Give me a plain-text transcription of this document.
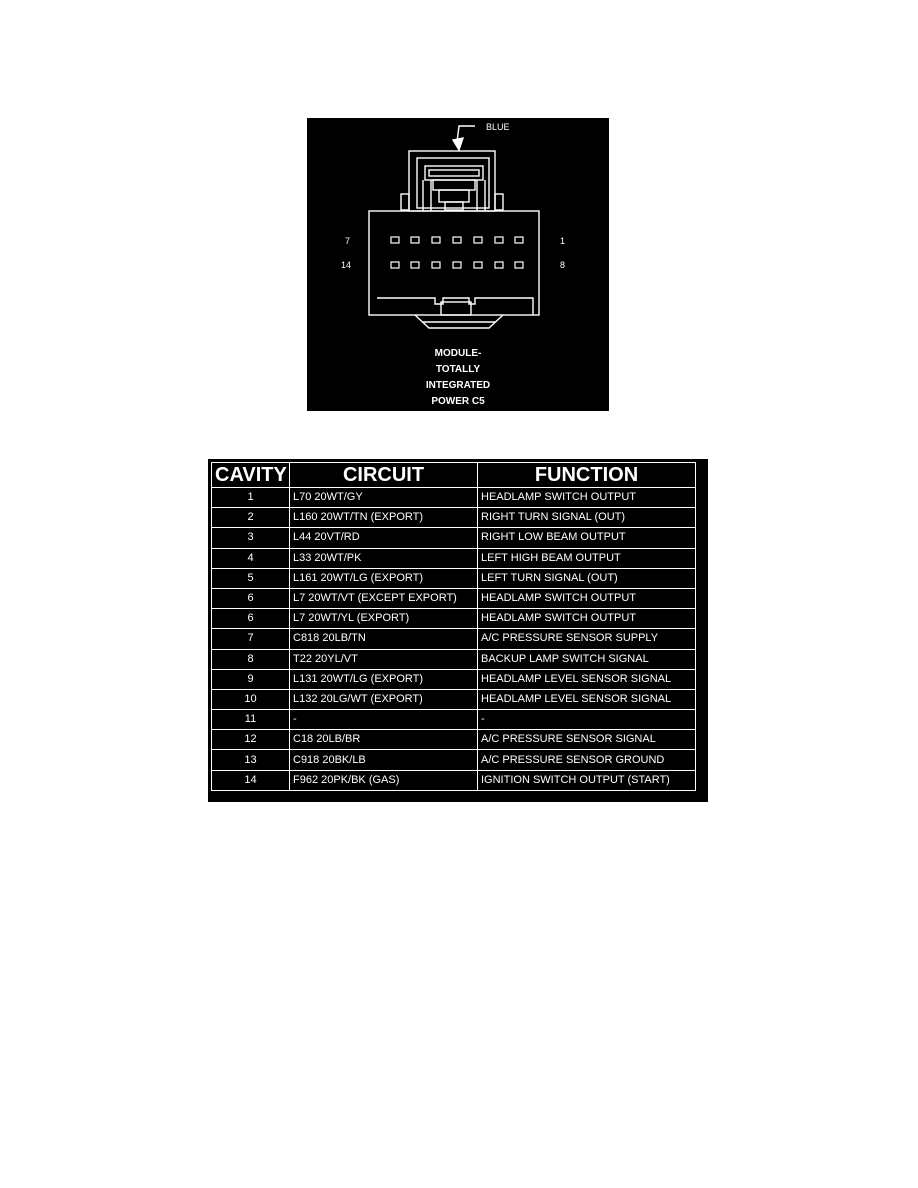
BLUE
7	1
14	8
MODULE-
TOTALLY
INTEGRATED
POWER C5
CAVITY	CIRCUIT	FUNCTION
1	L70 20WT/GY	HEADLAMP SWITCH OUTPUT
2	L160 20WT/TN (EXPORT)	RIGHT TURN SIGNAL (OUT)
3	L44 20VT/RD	RIGHT LOW BEAM OUTPUT
4	L33 20WT/PK	LEFT HIGH BEAM OUTPUT
5	L161 20WT/LG (EXPORT)	LEFT TURN SIGNAL (OUT)
6	L7 20WT/VT (EXCEPT EXPORT)	HEADLAMP SWITCH OUTPUT
6	L7 20WT/YL (EXPORT)	HEADLAMP SWITCH OUTPUT
7	C818 20LB/TN	A/C PRESSURE SENSOR SUPPLY
8	T22 20YL/VT	BACKUP LAMP SWITCH SIGNAL
9	L131 20WT/LG (EXPORT)	HEADLAMP LEVEL SENSOR SIGNAL
10	L132 20LG/WT (EXPORT)	HEADLAMP LEVEL SENSOR SIGNAL
11	-	-
12	C18 20LB/BR	A/C PRESSURE SENSOR SIGNAL
13	C918 20BK/LB	A/C PRESSURE SENSOR GROUND
14	F962 20PK/BK (GAS)	IGNITION SWITCH OUTPUT (START)
